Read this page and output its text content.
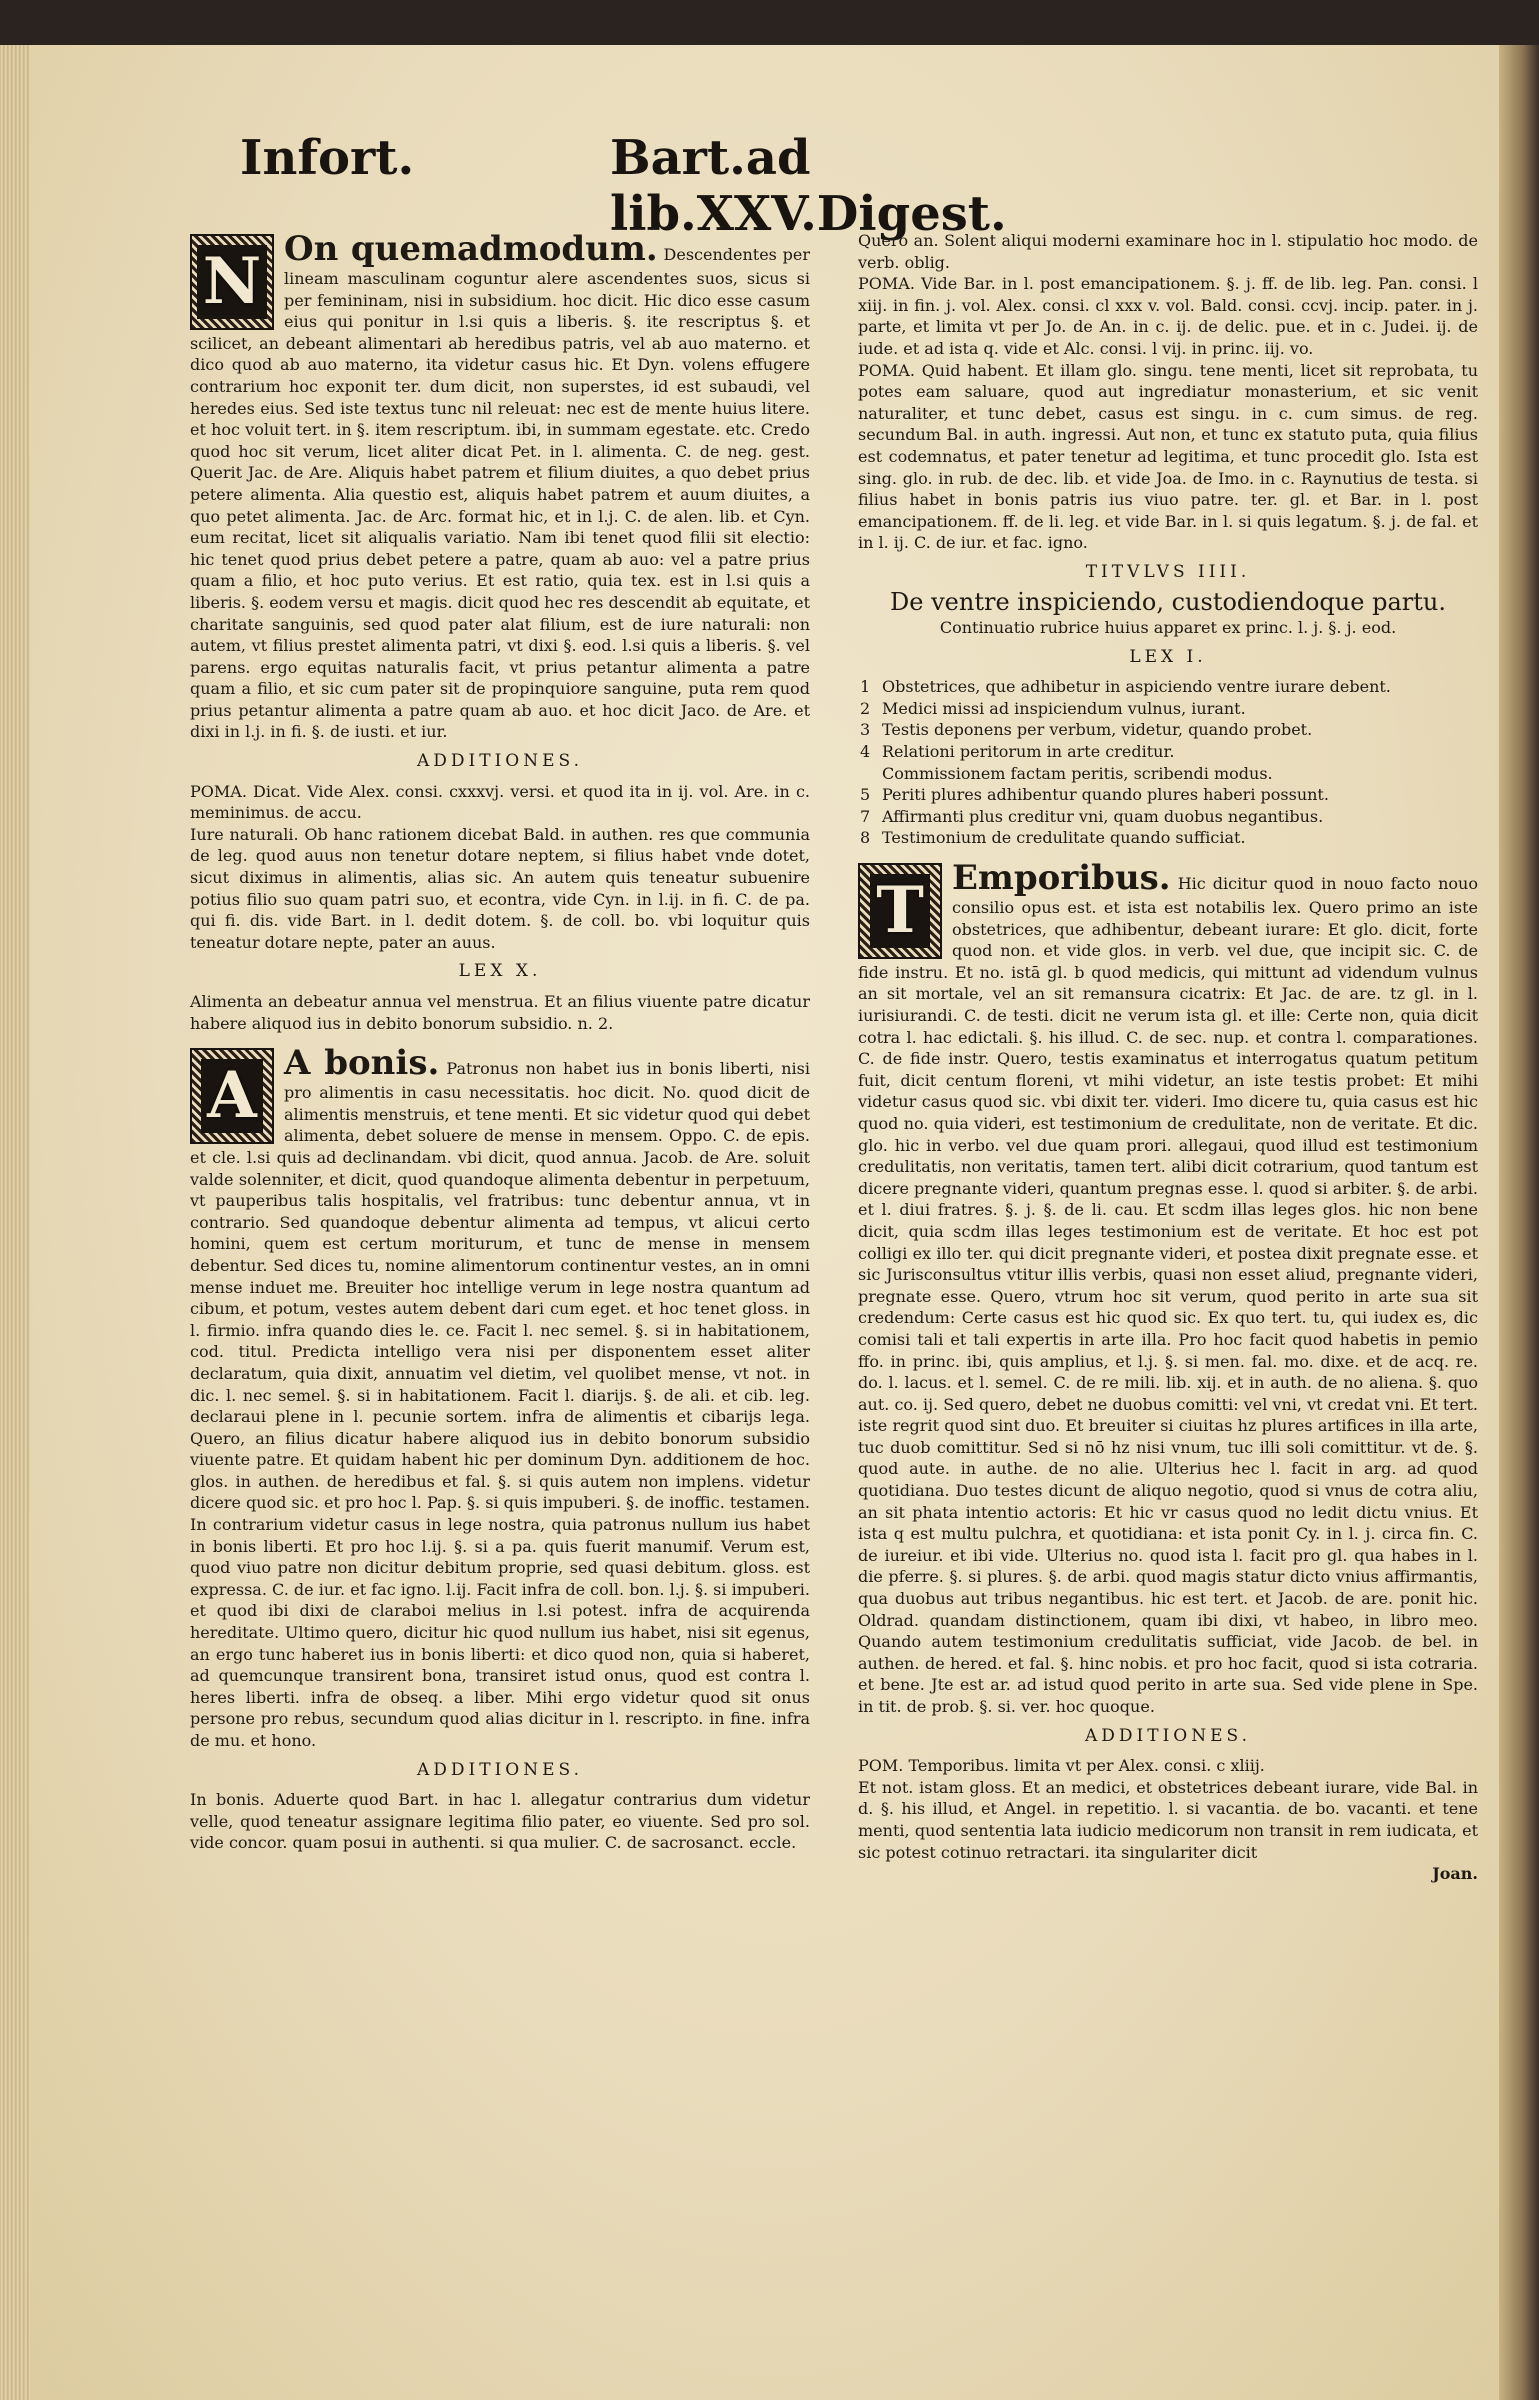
Infort.	Bart.ad lib.XXV.Digest.

N On quemadmodum. Descendentes per lineam masculinam coguntur alere ascendentes suos, sicus si per femininam, nisi in subsidium. hoc dicit. Hic dico esse casum eius qui ponitur in l.si quis a liberis. §. ite rescriptus §. et scilicet, an debeant alimentari ab heredibus patris, vel ab auo materno. et dico quod ab auo materno, ita videtur casus hic. Et Dyn. volens effugere contrarium hoc exponit ter. dum dicit, non superstes, id est subaudi, vel heredes eius. Sed iste textus tunc nil releuat: nec est de mente huius litere. et hoc voluit tert. in §. item rescriptum. ibi, in summam egestate. etc. Credo quod hoc sit verum, licet aliter dicat Pet. in l. alimenta. C. de neg. gest. Querit Jac. de Are. Aliquis habet patrem et filium diuites, a quo debet prius petere alimenta. Alia questio est, aliquis habet patrem et auum diuites, a quo petet alimenta. Jac. de Arc. format hic, et in l.j. C. de alen. lib. et Cyn. eum recitat, licet sit aliqualis variatio. Nam ibi tenet quod filii sit electio: hic tenet quod prius debet petere a patre, quam ab auo: vel a patre prius quam a filio, et hoc puto verius. Et est ratio, quia tex. est in l.si quis a liberis. §. eodem versu et magis. dicit quod hec res descendit ab equitate, et charitate sanguinis, sed quod pater alat filium, est de iure naturali: non autem, vt filius prestet alimenta patri, vt dixi §. eod. l.si quis a liberis. §. vel parens. ergo equitas naturalis facit, vt prius petantur alimenta a patre quam a filio, et sic cum pater sit de propinquiore sanguine, puta rem quod prius petantur alimenta a patre quam ab auo. et hoc dicit Jaco. de Are. et dixi in l.j. in fi. §. de iusti. et iur.

ADDITIONES.

POMA. Dicat. Vide Alex. consi. cxxxvj. versi. et quod ita in ij. vol. Are. in c. meminimus. de accu.

Iure naturali. Ob hanc rationem dicebat Bald. in authen. res que communia de leg. quod auus non tenetur dotare neptem, si filius habet vnde dotet, sicut diximus in alimentis, alias sic. An autem quis teneatur subuenire potius filio suo quam patri suo, et econtra, vide Cyn. in l.ij. in fi. C. de pa. qui fi. dis. vide Bart. in l. dedit dotem. §. de coll. bo. vbi loquitur quis teneatur dotare nepte, pater an auus.

LEX X.

Alimenta an debeatur annua vel menstrua. Et an filius viuente patre dicatur habere aliquod ius in debito bonorum subsidio. n. 2.

A A bonis. Patronus non habet ius in bonis liberti, nisi pro alimentis in casu necessitatis. hoc dicit. No. quod dicit de alimentis menstruis, et tene menti. Et sic videtur quod qui debet alimenta, debet soluere de mense in mensem. Oppo. C. de epis. et cle. l.si quis ad declinandam. vbi dicit, quod annua. Jacob. de Are. soluit valde solenniter, et dicit, quod quandoque alimenta debentur in perpetuum, vt pauperibus talis hospitalis, vel fratribus: tunc debentur annua, vt in contrario. Sed quandoque debentur alimenta ad tempus, vt alicui certo homini, quem est certum moriturum, et tunc de mense in mensem debentur. Sed dices tu, nomine alimentorum continentur vestes, an in omni mense induet me. Breuiter hoc intellige verum in lege nostra quantum ad cibum, et potum, vestes autem debent dari cum eget. et hoc tenet gloss. in l. firmio. infra quando dies le. ce. Facit l. nec semel. §. si in habitationem, cod. titul. Predicta intelligo vera nisi per disponentem esset aliter declaratum, quia dixit, annuatim vel dietim, vel quolibet mense, vt not. in dic. l. nec semel. §. si in habitationem. Facit l. diarijs. §. de ali. et cib. leg. declaraui plene in l. pecunie sortem. infra de alimentis et cibarijs lega. Quero, an filius dicatur habere aliquod ius in debito bonorum subsidio viuente patre. Et quidam habent hic per dominum Dyn. additionem de hoc. glos. in authen. de heredibus et fal. §. si quis autem non implens. videtur dicere quod sic. et pro hoc l. Pap. §. si quis impuberi. §. de inoffic. testamen. In contrarium videtur casus in lege nostra, quia patronus nullum ius habet in bonis liberti. Et pro hoc l.ij. §. si a pa. quis fuerit manumif. Verum est, quod viuo patre non dicitur debitum proprie, sed quasi debitum. gloss. est expressa. C. de iur. et fac igno. l.ij. Facit infra de coll. bon. l.j. §. si impuberi. et quod ibi dixi de claraboi melius in l.si potest. infra de acquirenda hereditate. Ultimo quero, dicitur hic quod nullum ius habet, nisi sit egenus, an ergo tunc haberet ius in bonis liberti: et dico quod non, quia si haberet, ad quemcunque transirent bona, transiret istud onus, quod est contra l. heres liberti. infra de obseq. a liber. Mihi ergo videtur quod sit onus persone pro rebus, secundum quod alias dicitur in l. rescripto. in fine. infra de mu. et hono.

ADDITIONES.

In bonis. Aduerte quod Bart. in hac l. allegatur contrarius dum videtur velle, quod teneatur assignare legitima filio pater, eo viuente. Sed pro sol. vide concor. quam posui in authenti. si qua mulier. C. de sacrosanct. eccle.

Quero an. Solent aliqui moderni examinare hoc in l. stipulatio hoc modo. de verb. oblig.

POMA. Vide Bar. in l. post emancipationem. §. j. ff. de lib. leg. Pan. consi. l xiij. in fin. j. vol. Alex. consi. cl xxx v. vol. Bald. consi. ccvj. incip. pater. in j. parte, et limita vt per Jo. de An. in c. ij. de delic. pue. et in c. Judei. ij. de iude. et ad ista q. vide et Alc. consi. l vij. in princ. iij. vo.

POMA. Quid habent. Et illam glo. singu. tene menti, licet sit reprobata, tu potes eam saluare, quod aut ingrediatur monasterium, et sic venit naturaliter, et tunc debet, casus est singu. in c. cum simus. de reg. secundum Bal. in auth. ingressi. Aut non, et tunc ex statuto puta, quia filius est codemnatus, et pater tenetur ad legitima, et tunc procedit glo. Ista est sing. glo. in rub. de dec. lib. et vide Joa. de Imo. in c. Raynutius de testa. si filius habet in bonis patris ius viuo patre. ter. gl. et Bar. in l. post emancipationem. ff. de li. leg. et vide Bar. in l. si quis legatum. §. j. de fal. et in l. ij. C. de iur. et fac. igno.

TITVLVS IIII.
De ventre inspiciendo, custodiendoque partu.
Continuatio rubrice huius apparet ex princ. l. j. §. j. eod.
LEX I.

1 Obstetrices, que adhibetur in aspiciendo ventre iurare debent.

2 Medici missi ad inspiciendum vulnus, iurant.

3 Testis deponens per verbum, videtur, quando probet.

4 Relationi peritorum in arte creditur.

Commissionem factam peritis, scribendi modus.

5 Periti plures adhibentur quando plures haberi possunt.

7 Affirmanti plus creditur vni, quam duobus negantibus.

8 Testimonium de credulitate quando sufficiat.

T Emporibus. Hic dicitur quod in nouo facto nouo consilio opus est. et ista est notabilis lex. Quero primo an iste obstetrices, que adhibentur, debeant iurare: Et glo. dicit, forte quod non. et vide glos. in verb. vel due, que incipit sic. C. de fide instru. Et no. istā gl. b quod medicis, qui mittunt ad videndum vulnus an sit mortale, vel an sit remansura cicatrix: Et Jac. de are. tz gl. in l. iurisiurandi. C. de testi. dicit ne verum ista gl. et ille: Certe non, quia dicit cotra l. hac edictali. §. his illud. C. de sec. nup. et contra l. comparationes. C. de fide instr. Quero, testis examinatus et interrogatus quatum petitum fuit, dicit centum floreni, vt mihi videtur, an iste testis probet: Et mihi videtur casus quod sic. vbi dixit ter. videri. Imo dicere tu, quia casus est hic quod no. quia videri, est testimonium de credulitate, non de veritate. Et dic. glo. hic in verbo. vel due quam prori. allegaui, quod illud est testimonium credulitatis, non veritatis, tamen tert. alibi dicit cotrarium, quod tantum est dicere pregnante videri, quantum pregnas esse. l. quod si arbiter. §. de arbi. et l. diui fratres. §. j. §. de li. cau. Et scdm illas leges glos. hic non bene dicit, quia scdm illas leges testimonium est de veritate. Et hoc est pot colligi ex illo ter. qui dicit pregnante videri, et postea dixit pregnate esse. et sic Jurisconsultus vtitur illis verbis, quasi non esset aliud, pregnante videri, pregnate esse. Quero, vtrum hoc sit verum, quod perito in arte sua sit credendum: Certe casus est hic quod sic. Ex quo tert. tu, qui iudex es, dic comisi tali et tali expertis in arte illa. Pro hoc facit quod habetis in pemio ffo. in princ. ibi, quis amplius, et l.j. §. si men. fal. mo. dixe. et de acq. re. do. l. lacus. et l. semel. C. de re mili. lib. xij. et in auth. de no aliena. §. quo aut. co. ij. Sed quero, debet ne duobus comitti: vel vni, vt credat vni. Et tert. iste regrit quod sint duo. Et breuiter si ciuitas hz plures artifices in illa arte, tuc duob comittitur. Sed si nō hz nisi vnum, tuc illi soli comittitur. vt de. §. quod aute. in authe. de no alie. Ulterius hec l. facit in arg. ad quod quotidiana. Duo testes dicunt de aliquo negotio, quod si vnus de cotra aliu, an sit phata intentio actoris: Et hic vr casus quod no ledit dictu vnius. Et ista q est multu pulchra, et quotidiana: et ista ponit Cy. in l. j. circa fin. C. de iureiur. et ibi vide. Ulterius no. quod ista l. facit pro gl. qua habes in l. die pferre. §. si plures. §. de arbi. quod magis statur dicto vnius affirmantis, qua duobus aut tribus negantibus. hic est tert. et Jacob. de are. ponit hic. Oldrad. quandam distinctionem, quam ibi dixi, vt habeo, in libro meo. Quando autem testimonium credulitatis sufficiat, vide Jacob. de bel. in authen. de hered. et fal. §. hinc nobis. et pro hoc facit, quod si ista cotraria. et bene. Jte est ar. ad istud quod perito in arte sua. Sed vide plene in Spe. in tit. de prob. §. si. ver. hoc quoque.

ADDITIONES.

POM. Temporibus. limita vt per Alex. consi. c xliij.

Et not. istam gloss. Et an medici, et obstetrices debeant iurare, vide Bal. in d. §. his illud, et Angel. in repetitio. l. si vacantia. de bo. vacanti. et tene menti, quod sententia lata iudicio medicorum non transit in rem iudicata, et sic potest cotinuo retractari. ita singulariter dicit

Joan.
